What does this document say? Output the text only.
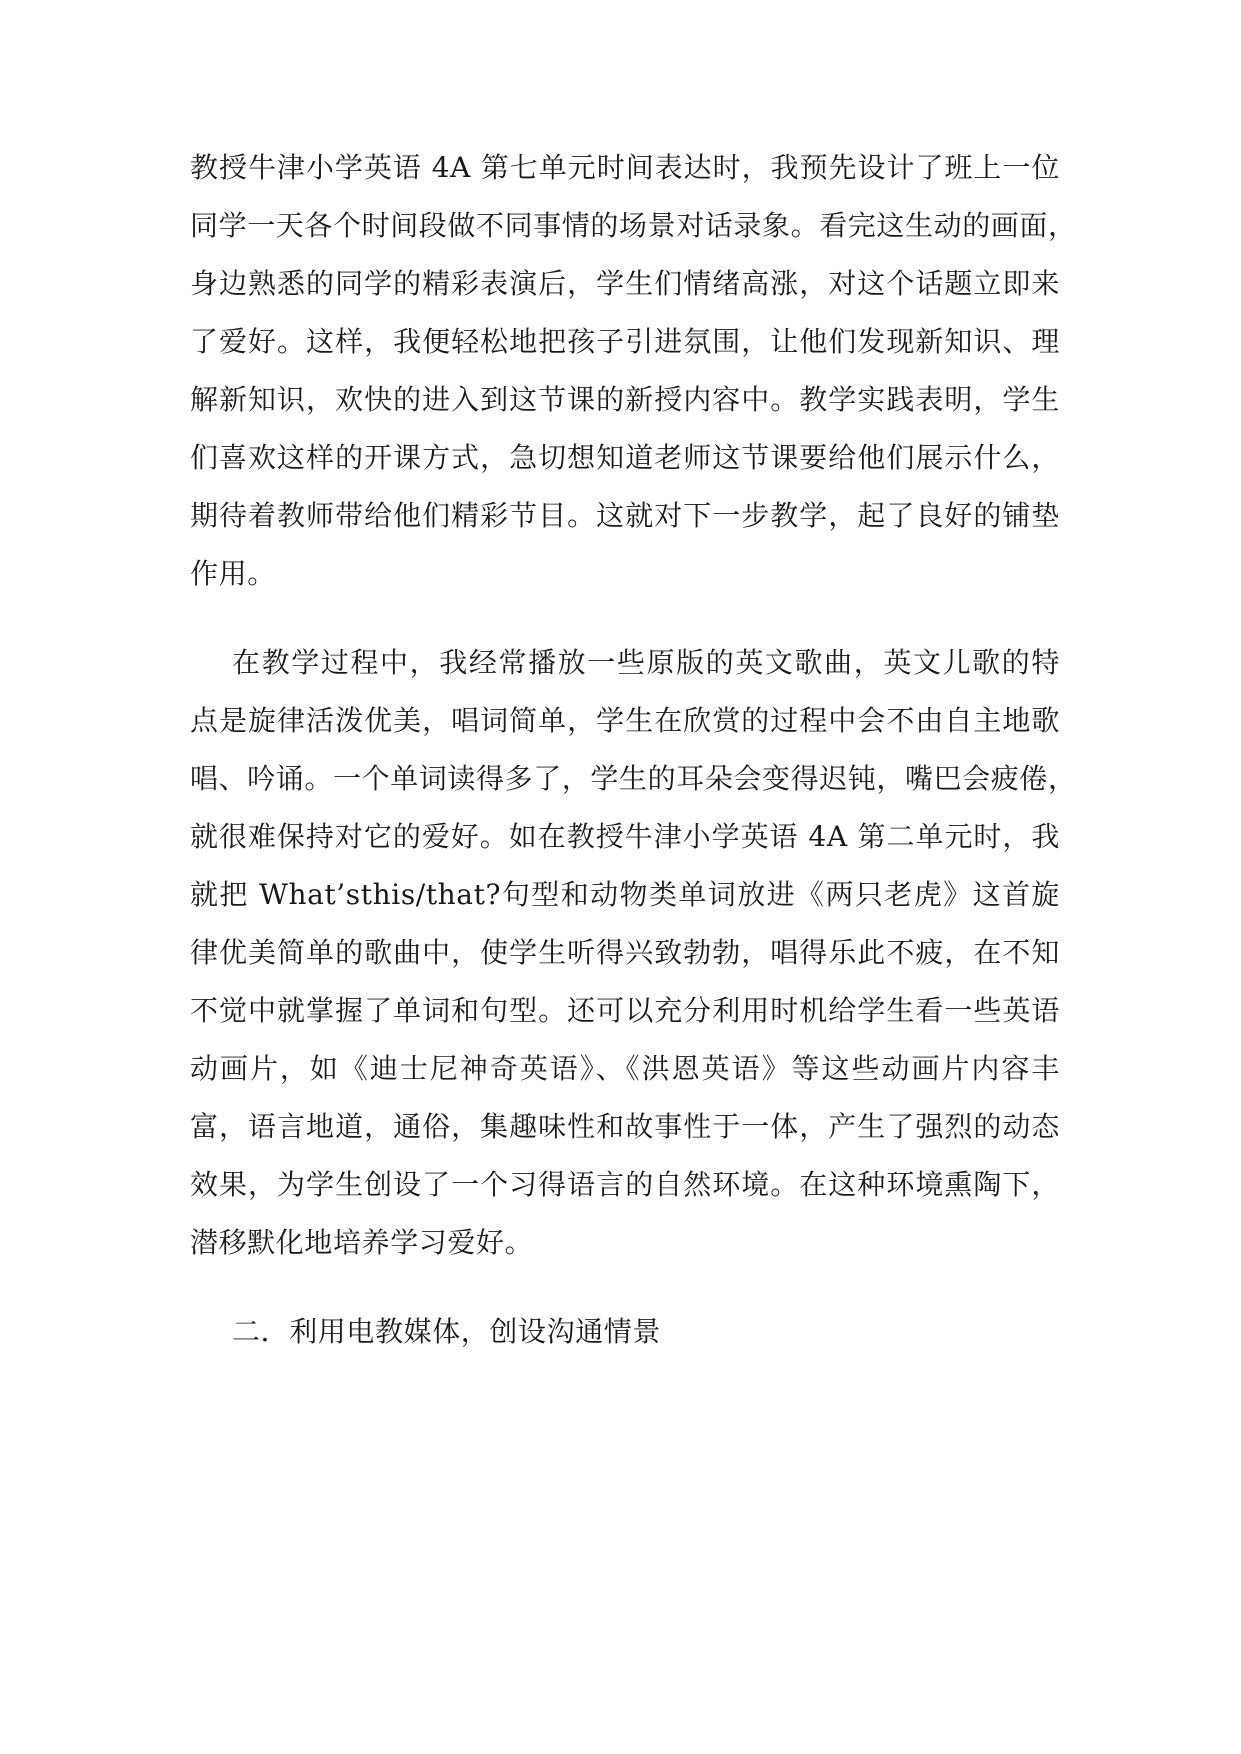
教授牛津小学英语 4A 第七单元时间表达时，我预先设计了班上一位
同学一天各个时间段做不同事情的场景对话录象。看完这生动的画面，
身边熟悉的同学的精彩表演后，学生们情绪高涨，对这个话题立即来
了爱好。这样，我便轻松地把孩子引进氛围，让他们发现新知识、理
解新知识，欢快的进入到这节课的新授内容中。教学实践表明，学生
们喜欢这样的开课方式，急切想知道老师这节课要给他们展示什么，
期待着教师带给他们精彩节目。这就对下一步教学，起了良好的铺垫
作用。
在教学过程中，我经常播放一些原版的英文歌曲，英文儿歌的特
点是旋律活泼优美，唱词简单，学生在欣赏的过程中会不由自主地歌
唱、吟诵。一个单词读得多了，学生的耳朵会变得迟钝，嘴巴会疲倦，
就很难保持对它的爱好。如在教授牛津小学英语 4A 第二单元时，我
就把 What’sthis/that?句型和动物类单词放进《两只老虎》这首旋
律优美简单的歌曲中，使学生听得兴致勃勃，唱得乐此不疲，在不知
不觉中就掌握了单词和句型。还可以充分利用时机给学生看一些英语
动画片，如《迪士尼神奇英语》、《洪恩英语》等这些动画片内容丰
富，语言地道，通俗，集趣味性和故事性于一体，产生了强烈的动态
效果，为学生创设了一个习得语言的自然环境。在这种环境熏陶下，
潜移默化地培养学习爱好。
二．利用电教媒体，创设沟通情景
